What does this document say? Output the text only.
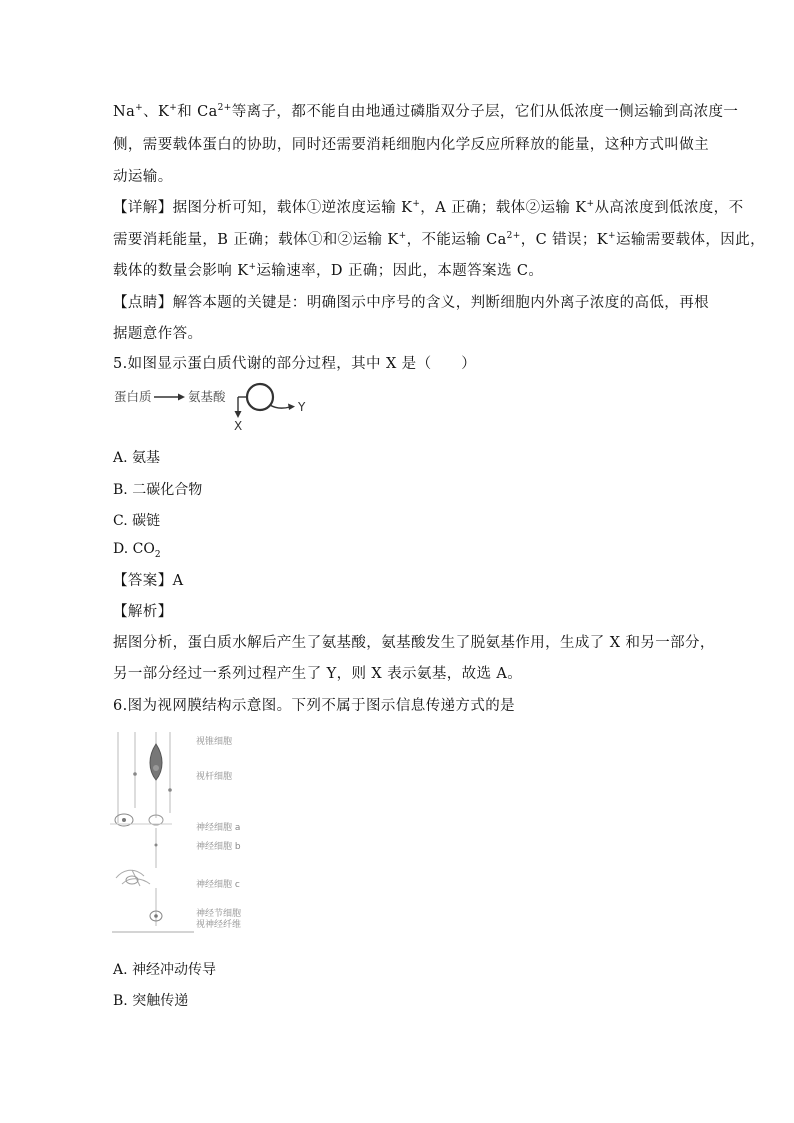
Na+、K+和 $Ca^{2+}$等离子，都不能自由地通过磷脂双分子层，它们从低浓度一侧运输到高浓度一
侧，需要载体蛋白的协助，同时还需要消耗细胞内化学反应所释放的能量，这种方式叫做主
动运输。
【详解】据图分析可知，载体①逆浓度运输 K+，A 正确；载体②运输 K+从高浓度到低浓度，不
需要消耗能量，B 正确；载体①和②运输 K+，不能运输 $Ca^{2+}$，C 错误；K+运输需要载体，因此，
载体的数量会影响 K+运输速率，D 正确；因此，本题答案选 C。
【点睛】解答本题的关键是：明确图示中序号的含义，判断细胞内外离子浓度的高低，再根
据题意作答。
5.如图显示蛋白质代谢的部分过程，其中 X 是（　　）
蛋白质	氨基酸
Y
X
A. 氨基
B. 二碳化合物
C. 碳链
D. $CO_2$
【答案】A
【解析】
据图分析，蛋白质水解后产生了氨基酸，氨基酸发生了脱氨基作用，生成了 X 和另一部分，
另一部分经过一系列过程产生了 Y，则 X 表示氨基，故选 A。
6.图为视网膜结构示意图。下列不属于图示信息传递方式的是
视锥细胞
视杆细胞
神经细胞 a
神经细胞 b
神经细胞 c
神经节细胞
视神经纤维
A. 神经冲动传导
B. 突触传递
